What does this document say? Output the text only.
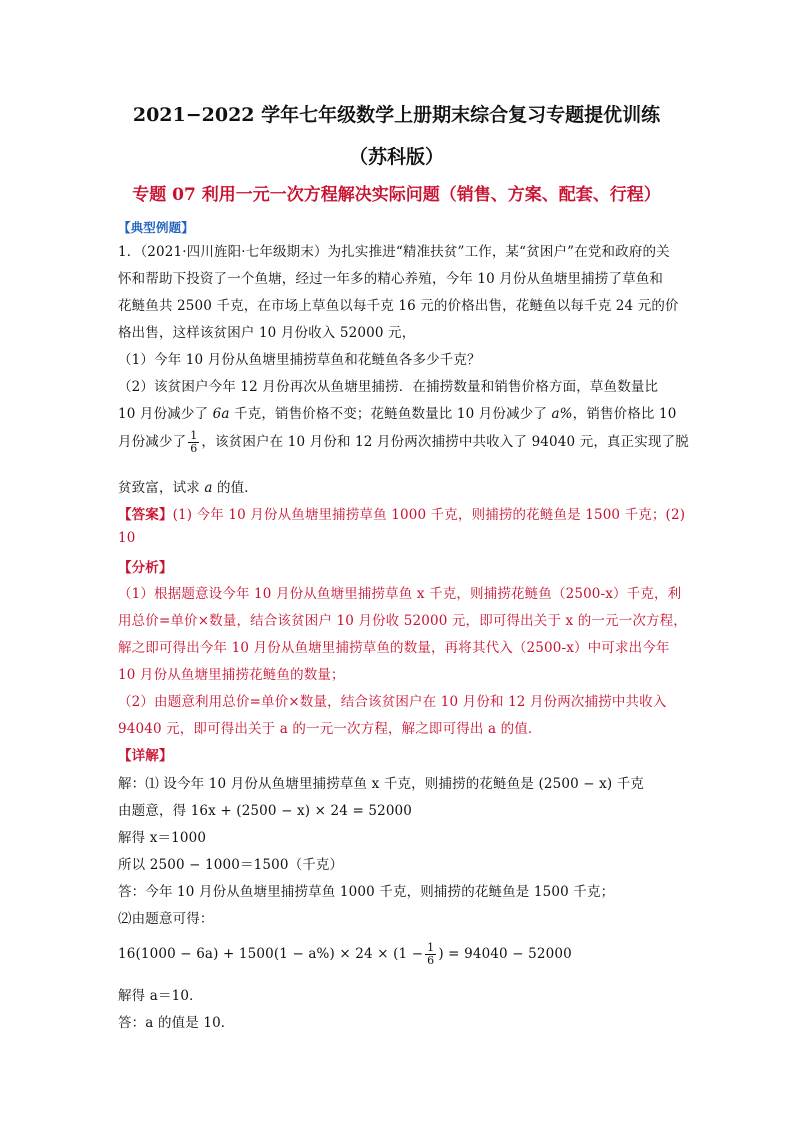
2021−2022 学年七年级数学上册期末综合复习专题提优训练
（苏科版）
专题 07 利用一元一次方程解决实际问题（销售、方案、配套、行程）
【典型例题】
1．（2021·四川旌阳·七年级期末）为扎实推进“精准扶贫”工作，某“贫困户”在党和政府的关
怀和帮助下投资了一个鱼塘，经过一年多的精心养殖，今年 10 月份从鱼塘里捕捞了草鱼和
花鲢鱼共 2500 千克，在市场上草鱼以每千克 16 元的价格出售，花鲢鱼以每千克 24 元的价
格出售，这样该贫困户 10 月份收入 52000 元，
（1）今年 10 月份从鱼塘里捕捞草鱼和花鲢鱼各多少千克？
（2）该贫困户今年 12 月份再次从鱼塘里捕捞．在捕捞数量和销售价格方面，草鱼数量比
10 月份减少了 6a 千克，销售价格不变；花鲢鱼数量比 10 月份减少了 a%，销售价格比 10
月份减少了 $\frac{1}{6}$ ，该贫困户在 10 月份和 12 月份两次捕捞中共收入了 94040 元，真正实现了脱
贫致富，试求 a 的值．
【答案】(1) 今年 10 月份从鱼塘里捕捞草鱼 1000 千克，则捕捞的花鲢鱼是 1500 千克；(2)
10
【分析】
（1）根据题意设今年 10 月份从鱼塘里捕捞草鱼 x 千克，则捕捞花鲢鱼（2500-x）千克，利
用总价=单价×数量，结合该贫困户 10 月份收 52000 元，即可得出关于 x 的一元一次方程，
解之即可得出今年 10 月份从鱼塘里捕捞草鱼的数量，再将其代入（2500-x）中可求出今年
10 月份从鱼塘里捕捞花鲢鱼的数量；
（2）由题意利用总价=单价×数量，结合该贫困户在 10 月份和 12 月份两次捕捞中共收入
94040 元，即可得出关于 a 的一元一次方程，解之即可得出 a 的值．
【详解】
解：⑴ 设今年 10 月份从鱼塘里捕捞草鱼 x 千克，则捕捞的花鲢鱼是 (2500 − x) 千克
由题意，得 16x + (2500 − x) × 24 = 52000
解得 x＝1000
所以 2500 − 1000＝1500（千克）
答：今年 10 月份从鱼塘里捕捞草鱼 1000 千克，则捕捞的花鲢鱼是 1500 千克；
⑵由题意可得：
$16(1000 - 6a) + 1500(1 - a\%) \times 24 \times (1 - \frac{1}{6}$ ) = 94040 − 52000
解得 a＝10．
答：a 的值是 10．
